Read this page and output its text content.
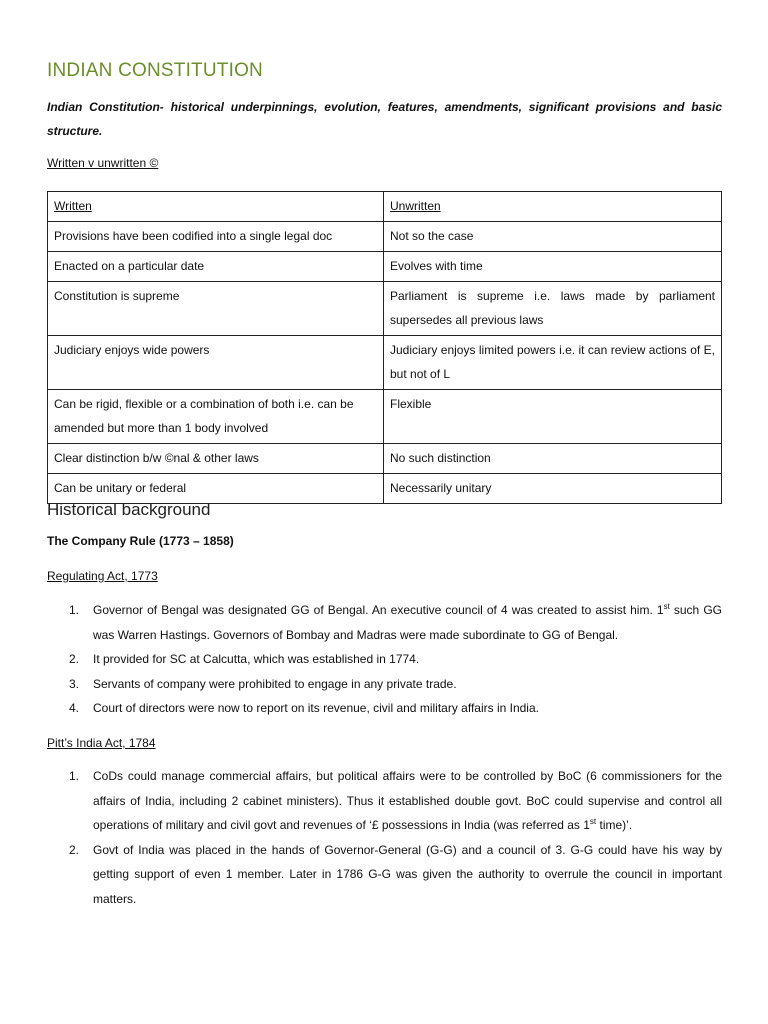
INDIAN CONSTITUTION
Indian Constitution- historical underpinnings, evolution, features, amendments, significant provisions and basic structure.
Written v unwritten ©
Written	Unwritten
Provisions have been codified into a single legal doc	Not so the case
Enacted on a particular date	Evolves with time
Constitution is supreme	Parliament is supreme i.e. laws made by parliament supersedes all previous laws
Judiciary enjoys wide powers	Judiciary enjoys limited powers i.e. it can review actions of E, but not of L
Can be rigid, flexible or a combination of both i.e. can be amended but more than 1 body involved	Flexible
Clear distinction b/w ©nal & other laws	No such distinction
Can be unitary or federal	Necessarily unitary
Historical background
The Company Rule (1773 – 1858)
Regulating Act, 1773
1. Governor of Bengal was designated GG of Bengal. An executive council of 4 was created to assist him. 1st such GG was Warren Hastings. Governors of Bombay and Madras were made subordinate to GG of Bengal.
2. It provided for SC at Calcutta, which was established in 1774.
3. Servants of company were prohibited to engage in any private trade.
4. Court of directors were now to report on its revenue, civil and military affairs in India.
Pitt’s India Act, 1784
1. CoDs could manage commercial affairs, but political affairs were to be controlled by BoC (6 commissioners for the affairs of India, including 2 cabinet ministers). Thus it established double govt. BoC could supervise and control all operations of military and civil govt and revenues of ‘£ possessions in India (was referred as 1st time)’.
2. Govt of India was placed in the hands of Governor-General (G-G) and a council of 3. G-G could have his way by getting support of even 1 member. Later in 1786 G-G was given the authority to overrule the council in important matters.
